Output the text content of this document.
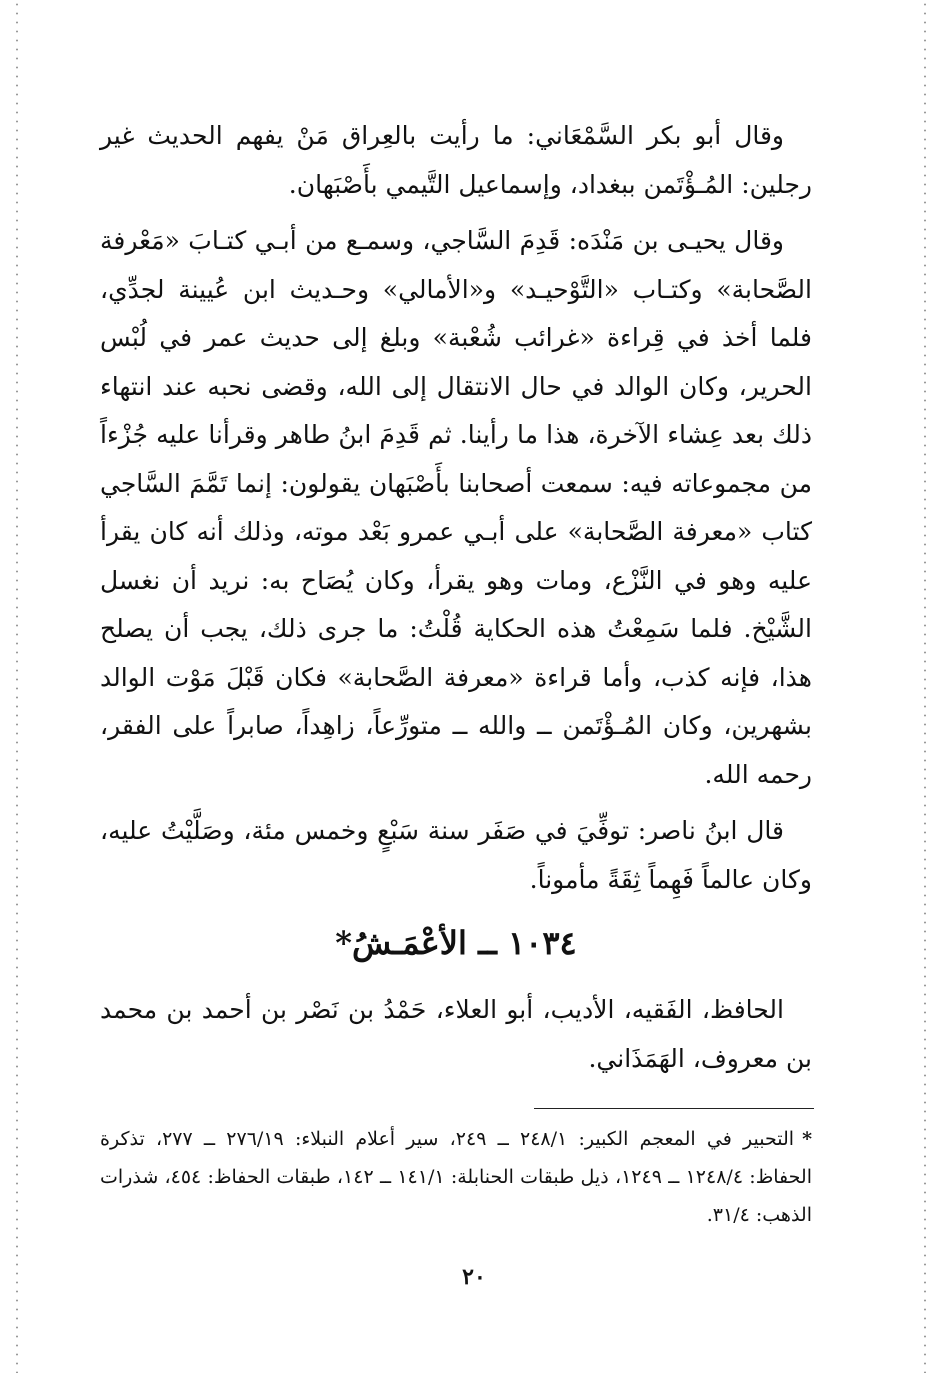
وقال أبو بكر السَّمْعَاني: ما رأيت بالعِراق مَنْ يفهم الحديث غير رجلين: المُـؤْتَمن ببغداد، وإسماعيل التَّيمي بأَصْبَهان.

وقال يحيـى بن مَنْدَه: قَدِمَ السَّاجي، وسمـع من أبـي كتـابَ «مَعْرفة الصَّحابة» وكتـاب «التَّوْحيـد» و«الأمالي» وحـديث ابن عُيينة لجدِّي، فلما أخذ في قِراءة «غرائب شُعْبة» وبلغ إلى حديث عمر في لُبْس الحرير، وكان الوالد في حال الانتقال إلى الله، وقضى نحبه عند انتهاء ذلك بعد عِشاء الآخرة، هذا ما رأينا. ثم قَدِمَ ابنُ طاهر وقرأنا عليه جُزْءاً من مجموعاته فيه: سمعت أصحابنا بأَصْبَهان يقولون: إنما تَمَّمَ السَّاجي كتاب «معرفة الصَّحابة» على أبـي عمرو بَعْد موته، وذلك أنه كان يقرأ عليه وهو في النَّزْع، ومات وهو يقرأ، وكان يُصَاح به: نريد أن نغسل الشَّيْخ. فلما سَمِعْتُ هذه الحكاية قُلْتُ: ما جرى ذلك، يجب أن يصلح هذا، فإنه كذب، وأما قراءة «معرفة الصَّحابة» فكان قَبْلَ مَوْت الوالد بشهرين، وكان المُـؤْتَمن ــ والله ــ متورِّعاً، زاهِداً، صابراً على الفقر، رحمه الله.

قال ابنُ ناصر: توفِّيَ في صَفَر سنة سَبْعٍ وخمس مئة، وصَلَّيْتُ عليه، وكان عالماً فَهِماً ثِقَةً مأموناً.

١٠٣٤ ــ الأعْمَـشُ*

الحافظ، الفَقيه، الأديب، أبو العلاء، حَمْدُ بن نَصْر بن أحمد بن محمد بن معروف، الهَمَذَاني.

*التحبير في المعجم الكبير: ٢٤٨/١ ــ ٢٤٩، سير أعلام النبلاء: ٢٧٦/١٩ ــ ٢٧٧، تذكرة الحفاظ: ١٢٤٨/٤ ــ ١٢٤٩، ذيل طبقات الحنابلة: ١٤١/١ ــ ١٤٢، طبقات الحفاظ: ٤٥٤، شذرات الذهب: ٣١/٤.
٢٠
